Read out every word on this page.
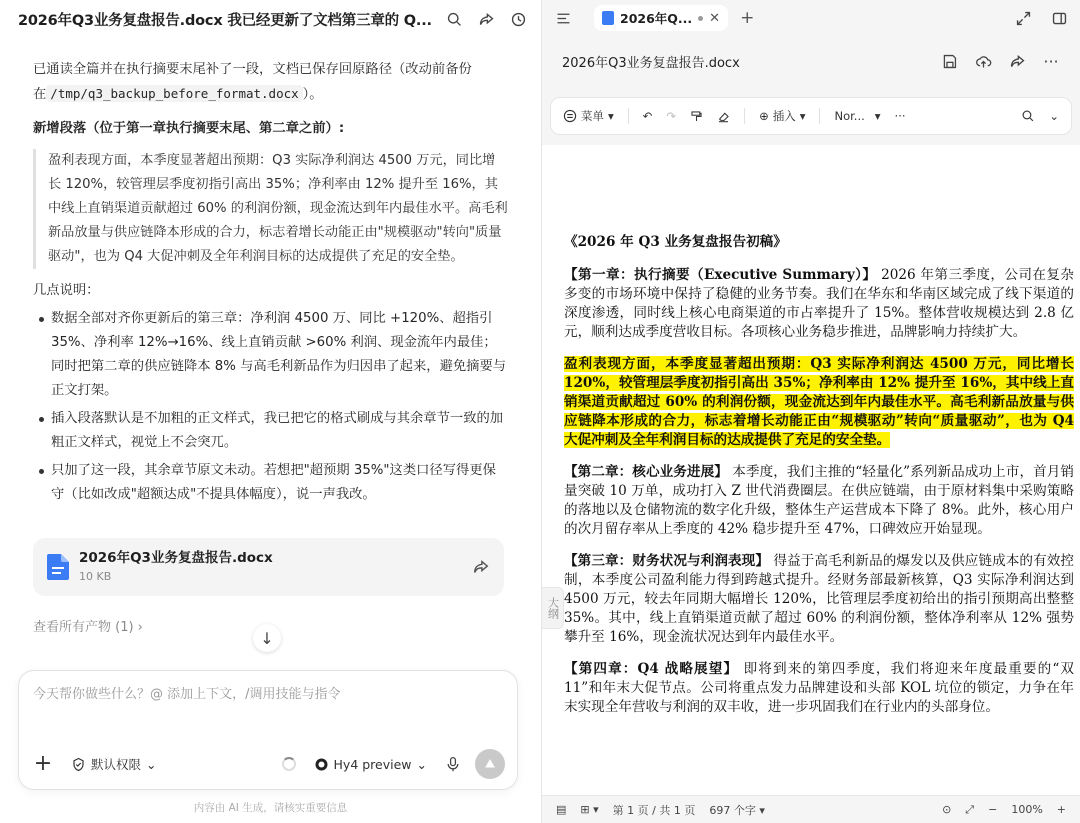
2026年Q3业务复盘报告.docx 我已经更新了文档第三章的 Q...

已通读全篇并在执行摘要末尾补了一段，文档已保存回原路径（改动前备份在 /tmp/q3_backup_before_format.docx ）。

新增段落（位于第一章执行摘要末尾、第二章之前）:
盈利表现方面，本季度显著超出预期：Q3 实际净利润达 4500 万元，同比增长 120%，较管理层季度初指引高出 35%；净利率由 12% 提升至 16%，其中线上直销渠道贡献超过 60% 的利润份额，现金流达到年内最佳水平。高毛利新品放量与供应链降本形成的合力，标志着增长动能正由"规模驱动"转向"质量驱动"，也为 Q4 大促冲刺及全年利润目标的达成提供了充足的安全垫。
几点说明：
数据全部对齐你更新后的第三章：净利润 4500 万、同比 +120%、超指引 35%、净利率 12%→16%、线上直销贡献 >60% 利润、现金流年内最佳；同时把第二章的供应链降本 8% 与高毛利新品作为归因串了起来，避免摘要与正文打架。
插入段落默认是不加粗的正文样式，我已把它的格式刷成与其余章节一致的加粗正文样式，视觉上不会突兀。
只加了这一段，其余章节原文未动。若想把"超预期 35%"这类口径写得更保守（比如改成"超额达成"不提具体幅度），说一声我改。
2026年Q3业务复盘报告.docx
10 KB
查看所有产物 (1) ›
↓
今天帮你做些什么？@ 添加上下文，/调用技能与指令
+	默认权限 ⌄	Hy4 preview ⌄
内容由 AI 生成，请核实重要信息
2026年Q... ✕ +
2026年Q3业务复盘报告.docx	···
菜单 ▾	↶ ↷	⊕ 插入 ▾	Nor... ▾ ···	⌄
大纲
《2026 年 Q3 业务复盘报告初稿》

【第一章：执行摘要（Executive Summary）】 2026 年第三季度，公司在复杂多变的市场环境中保持了稳健的业务节奏。我们在华东和华南区域完成了线下渠道的深度渗透，同时线上核心电商渠道的市占率提升了 15%。整体营收规模达到 2.8 亿元，顺利达成季度营收目标。各项核心业务稳步推进，品牌影响力持续扩大。

盈利表现方面，本季度显著超出预期：Q3 实际净利润达 4500 万元，同比增长 120%，较管理层季度初指引高出 35%；净利率由 12% 提升至 16%，其中线上直销渠道贡献超过 60% 的利润份额，现金流达到年内最佳水平。高毛利新品放量与供应链降本形成的合力，标志着增长动能正由“规模驱动”转向“质量驱动”，也为 Q4 大促冲刺及全年利润目标的达成提供了充足的安全垫。

【第二章：核心业务进展】 本季度，我们主推的“轻量化”系列新品成功上市，首月销量突破 10 万单，成功打入 Z 世代消费圈层。在供应链端，由于原材料集中采购策略的落地以及仓储物流的数字化升级，整体生产运营成本下降了 8%。此外，核心用户的次月留存率从上季度的 42% 稳步提升至 47%，口碑效应开始显现。

【第三章：财务状况与利润表现】 得益于高毛利新品的爆发以及供应链成本的有效控制，本季度公司盈利能力得到跨越式提升。经财务部最新核算，Q3 实际净利润达到 4500 万元，较去年同期大幅增长 120%，比管理层季度初给出的指引预期高出整整 35%。其中，线上直销渠道贡献了超过 60% 的利润份额，整体净利率从 12% 强势攀升至 16%，现金流状况达到年内最佳水平。

【第四章：Q4 战略展望】 即将到来的第四季度，我们将迎来年度最重要的“双 11”和年末大促节点。公司将重点发力品牌建设和头部 KOL 坑位的锁定，力争在年末实现全年营收与利润的双丰收，进一步巩固我们在行业内的头部身位。

▤ ⊞ ▾ 第 1 页 / 共 1 页 697 个字 ▾	⊙ ⤢ − 100% +
